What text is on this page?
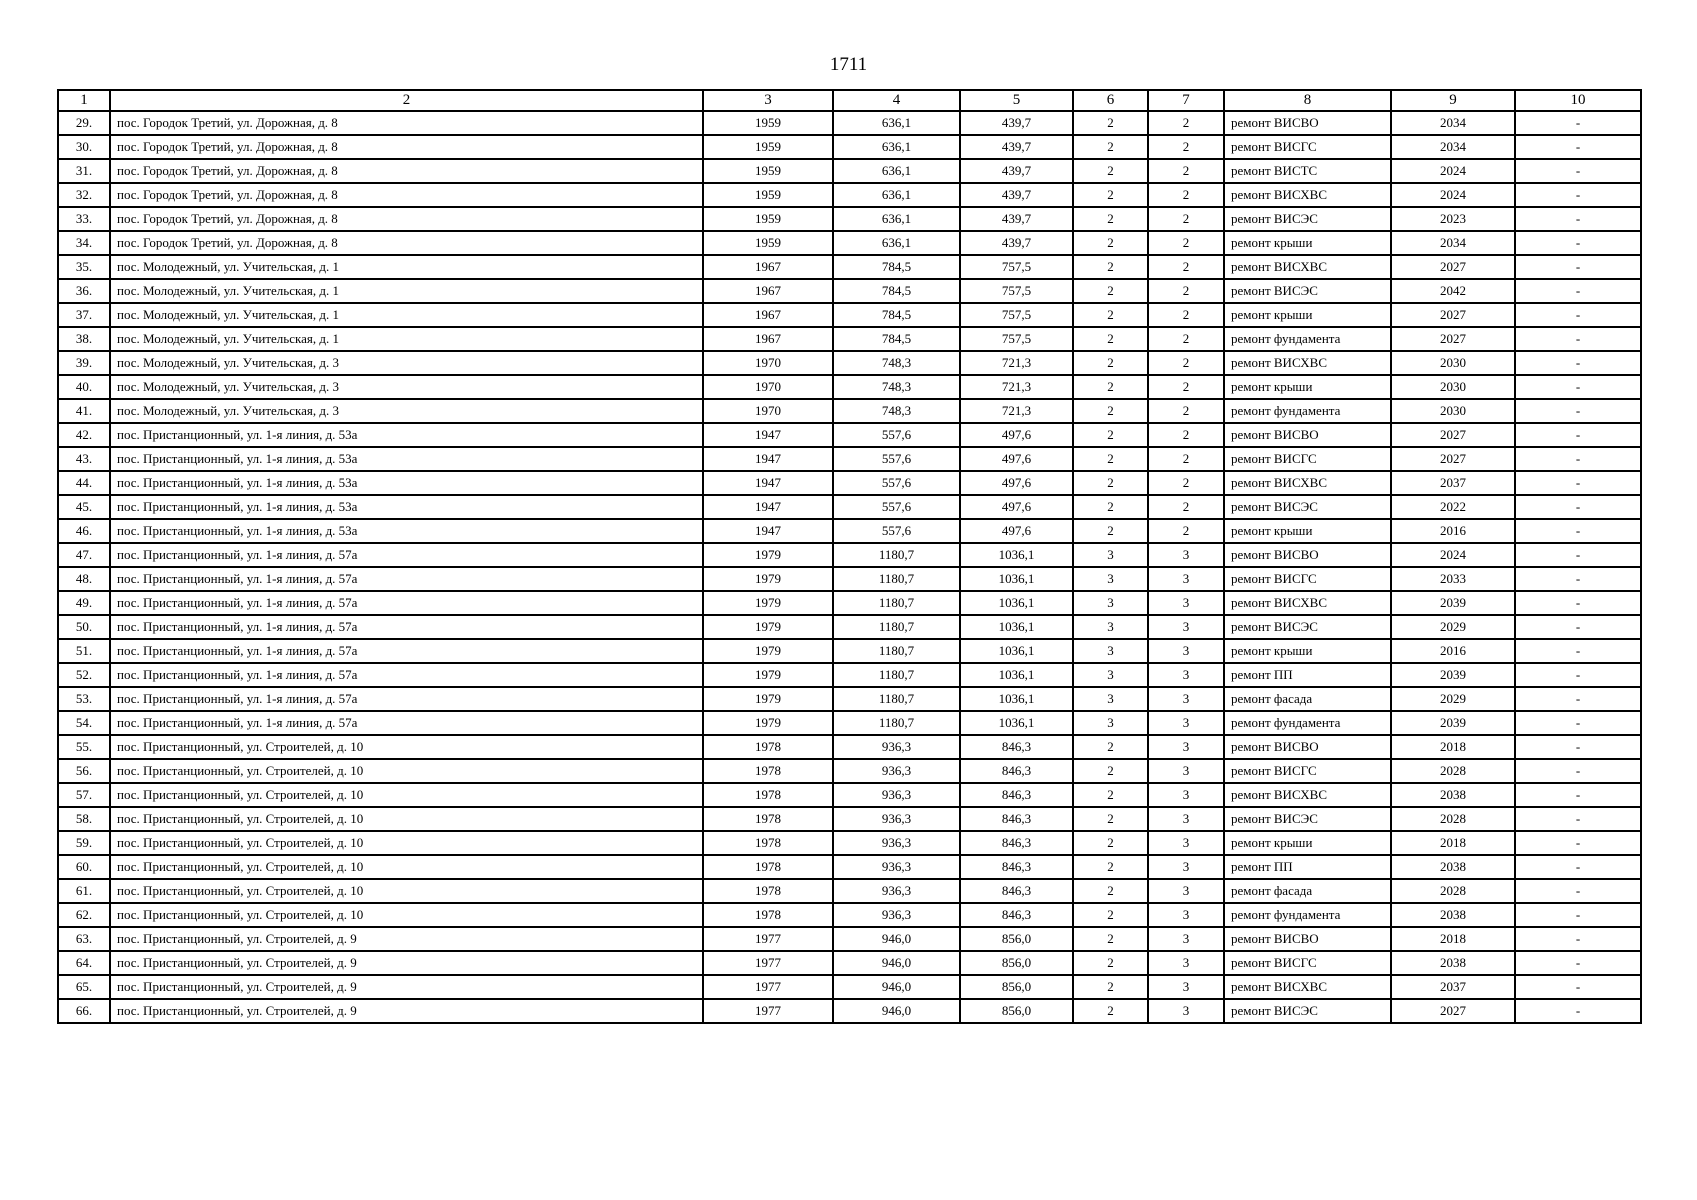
1711
1	2	3	4	5	6	7	8	9	10
29.	пос. Городок Третий, ул. Дорожная, д. 8	1959	636,1	439,7	2	2	ремонт ВИСВО	2034	-
30.	пос. Городок Третий, ул. Дорожная, д. 8	1959	636,1	439,7	2	2	ремонт ВИСГС	2034	-
31.	пос. Городок Третий, ул. Дорожная, д. 8	1959	636,1	439,7	2	2	ремонт ВИСТС	2024	-
32.	пос. Городок Третий, ул. Дорожная, д. 8	1959	636,1	439,7	2	2	ремонт ВИСХВС	2024	-
33.	пос. Городок Третий, ул. Дорожная, д. 8	1959	636,1	439,7	2	2	ремонт ВИСЭС	2023	-
34.	пос. Городок Третий, ул. Дорожная, д. 8	1959	636,1	439,7	2	2	ремонт крыши	2034	-
35.	пос. Молодежный, ул. Учительская, д. 1	1967	784,5	757,5	2	2	ремонт ВИСХВС	2027	-
36.	пос. Молодежный, ул. Учительская, д. 1	1967	784,5	757,5	2	2	ремонт ВИСЭС	2042	-
37.	пос. Молодежный, ул. Учительская, д. 1	1967	784,5	757,5	2	2	ремонт крыши	2027	-
38.	пос. Молодежный, ул. Учительская, д. 1	1967	784,5	757,5	2	2	ремонт фундамента	2027	-
39.	пос. Молодежный, ул. Учительская, д. 3	1970	748,3	721,3	2	2	ремонт ВИСХВС	2030	-
40.	пос. Молодежный, ул. Учительская, д. 3	1970	748,3	721,3	2	2	ремонт крыши	2030	-
41.	пос. Молодежный, ул. Учительская, д. 3	1970	748,3	721,3	2	2	ремонт фундамента	2030	-
42.	пос. Пристанционный, ул. 1-я линия, д. 53а	1947	557,6	497,6	2	2	ремонт ВИСВО	2027	-
43.	пос. Пристанционный, ул. 1-я линия, д. 53а	1947	557,6	497,6	2	2	ремонт ВИСГС	2027	-
44.	пос. Пристанционный, ул. 1-я линия, д. 53а	1947	557,6	497,6	2	2	ремонт ВИСХВС	2037	-
45.	пос. Пристанционный, ул. 1-я линия, д. 53а	1947	557,6	497,6	2	2	ремонт ВИСЭС	2022	-
46.	пос. Пристанционный, ул. 1-я линия, д. 53а	1947	557,6	497,6	2	2	ремонт крыши	2016	-
47.	пос. Пристанционный, ул. 1-я линия, д. 57а	1979	1180,7	1036,1	3	3	ремонт ВИСВО	2024	-
48.	пос. Пристанционный, ул. 1-я линия, д. 57а	1979	1180,7	1036,1	3	3	ремонт ВИСГС	2033	-
49.	пос. Пристанционный, ул. 1-я линия, д. 57а	1979	1180,7	1036,1	3	3	ремонт ВИСХВС	2039	-
50.	пос. Пристанционный, ул. 1-я линия, д. 57а	1979	1180,7	1036,1	3	3	ремонт ВИСЭС	2029	-
51.	пос. Пристанционный, ул. 1-я линия, д. 57а	1979	1180,7	1036,1	3	3	ремонт крыши	2016	-
52.	пос. Пристанционный, ул. 1-я линия, д. 57а	1979	1180,7	1036,1	3	3	ремонт ПП	2039	-
53.	пос. Пристанционный, ул. 1-я линия, д. 57а	1979	1180,7	1036,1	3	3	ремонт фасада	2029	-
54.	пос. Пристанционный, ул. 1-я линия, д. 57а	1979	1180,7	1036,1	3	3	ремонт фундамента	2039	-
55.	пос. Пристанционный, ул. Строителей, д. 10	1978	936,3	846,3	2	3	ремонт ВИСВО	2018	-
56.	пос. Пристанционный, ул. Строителей, д. 10	1978	936,3	846,3	2	3	ремонт ВИСГС	2028	-
57.	пос. Пристанционный, ул. Строителей, д. 10	1978	936,3	846,3	2	3	ремонт ВИСХВС	2038	-
58.	пос. Пристанционный, ул. Строителей, д. 10	1978	936,3	846,3	2	3	ремонт ВИСЭС	2028	-
59.	пос. Пристанционный, ул. Строителей, д. 10	1978	936,3	846,3	2	3	ремонт крыши	2018	-
60.	пос. Пристанционный, ул. Строителей, д. 10	1978	936,3	846,3	2	3	ремонт ПП	2038	-
61.	пос. Пристанционный, ул. Строителей, д. 10	1978	936,3	846,3	2	3	ремонт фасада	2028	-
62.	пос. Пристанционный, ул. Строителей, д. 10	1978	936,3	846,3	2	3	ремонт фундамента	2038	-
63.	пос. Пристанционный, ул. Строителей, д. 9	1977	946,0	856,0	2	3	ремонт ВИСВО	2018	-
64.	пос. Пристанционный, ул. Строителей, д. 9	1977	946,0	856,0	2	3	ремонт ВИСГС	2038	-
65.	пос. Пристанционный, ул. Строителей, д. 9	1977	946,0	856,0	2	3	ремонт ВИСХВС	2037	-
66.	пос. Пристанционный, ул. Строителей, д. 9	1977	946,0	856,0	2	3	ремонт ВИСЭС	2027	-
